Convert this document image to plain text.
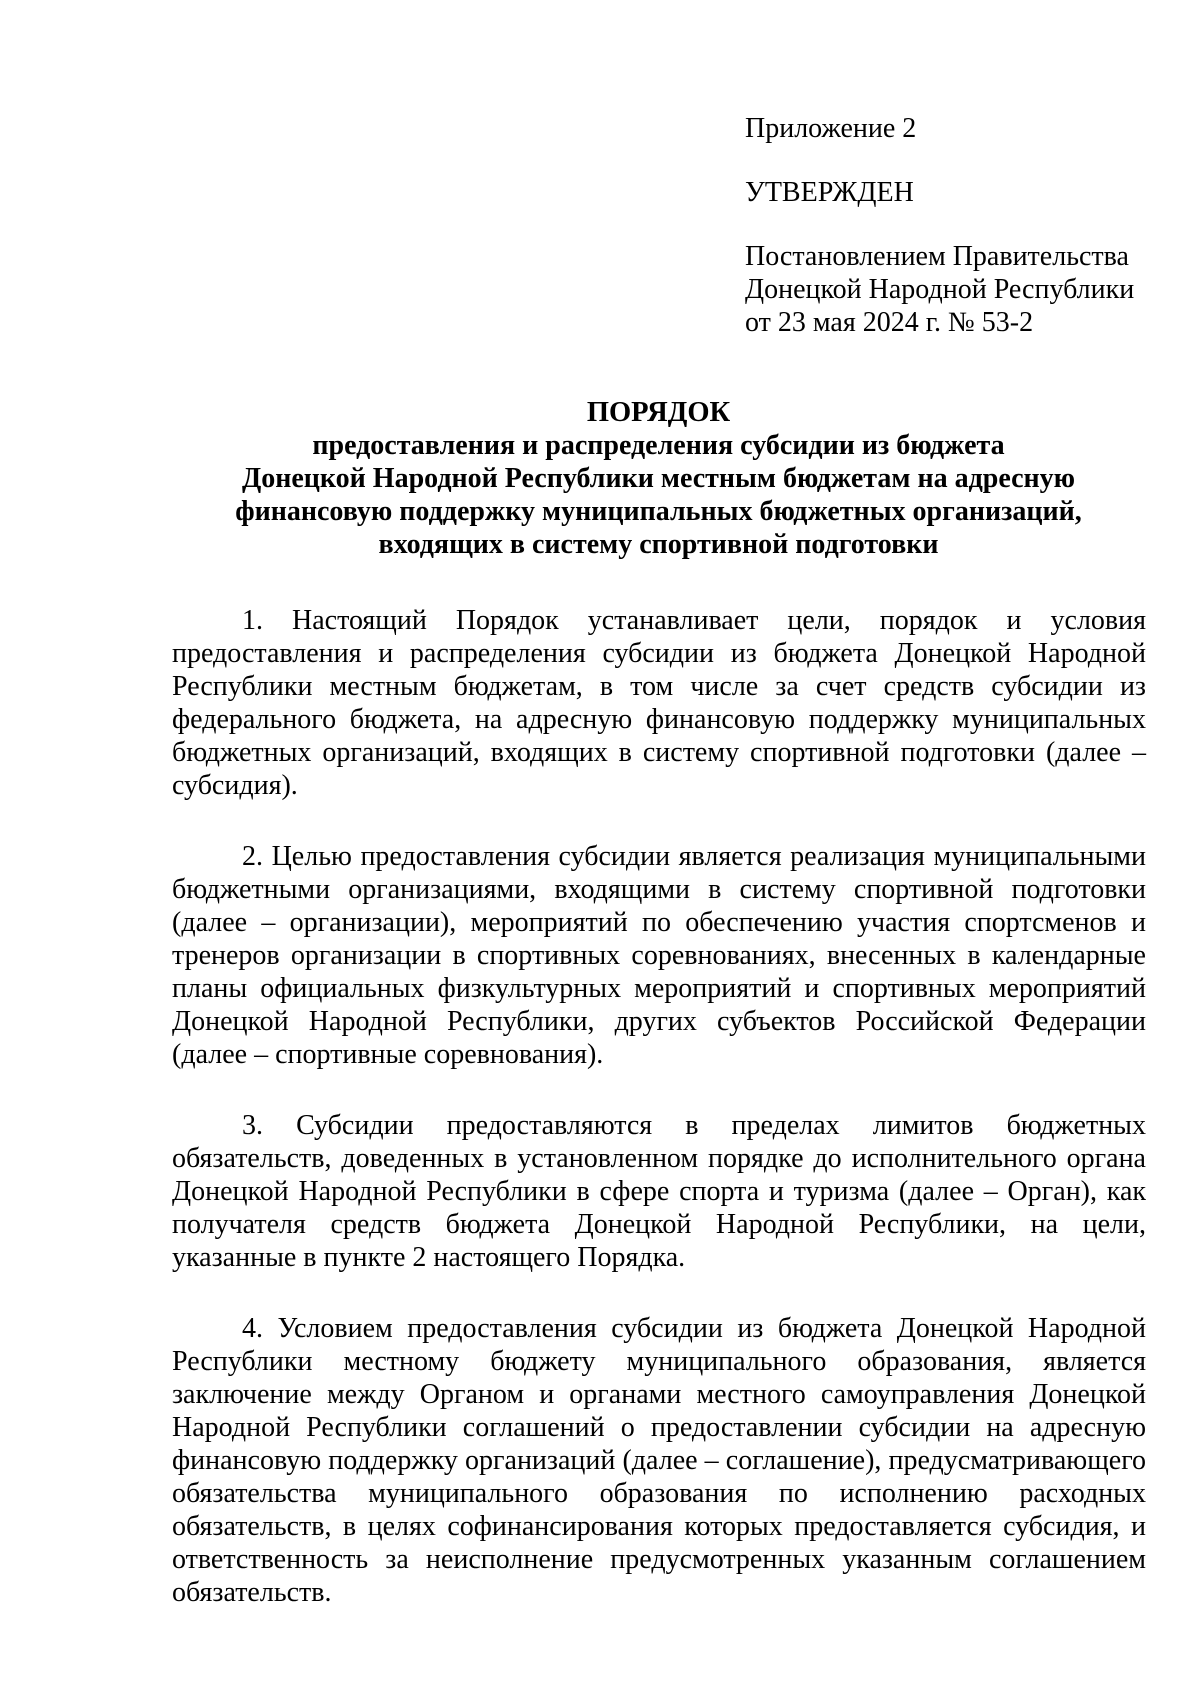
Приложение 2

УТВЕРЖДЕН

Постановлением Правительства

Донецкой Народной Республики

от 23 мая 2024 г. № 53-2

ПОРЯДОК

предоставления и распределения субсидии из бюджета

Донецкой Народной Республики местным бюджетам на адресную

финансовую поддержку муниципальных бюджетных организаций,

входящих в систему спортивной подготовки

1. Настоящий Порядок устанавливает цели, порядок и условия предоставления и распределения субсидии из бюджета Донецкой Народной Республики местным бюджетам, в том числе за счет средств субсидии из федерального бюджета, на адресную финансовую поддержку муниципальных бюджетных организаций, входящих в систему спортивной подготовки (далее – субсидия).

2. Целью предоставления субсидии является реализация муниципальными бюджетными организациями, входящими в систему спортивной подготовки (далее – организации), мероприятий по обеспечению участия спортсменов и тренеров организации в спортивных соревнованиях, внесенных в календарные планы официальных физкультурных мероприятий и спортивных мероприятий Донецкой Народной Республики, других субъектов Российской Федерации (далее – спортивные соревнования).

3. Субсидии предоставляются в пределах лимитов бюджетных обязательств, доведенных в установленном порядке до исполнительного органа Донецкой Народной Республики в сфере спорта и туризма (далее – Орган), как получателя средств бюджета Донецкой Народной Республики, на цели, указанные в пункте 2 настоящего Порядка.

4. Условием предоставления субсидии из бюджета Донецкой Народной Республики местному бюджету муниципального образования, является заключение между Органом и органами местного самоуправления Донецкой Народной Республики соглашений о предоставлении субсидии на адресную финансовую поддержку организаций (далее – соглашение), предусматривающего обязательства муниципального образования по исполнению расходных обязательств, в целях софинансирования которых предоставляется субсидия, и ответственность за неисполнение предусмотренных указанным соглашением обязательств.
